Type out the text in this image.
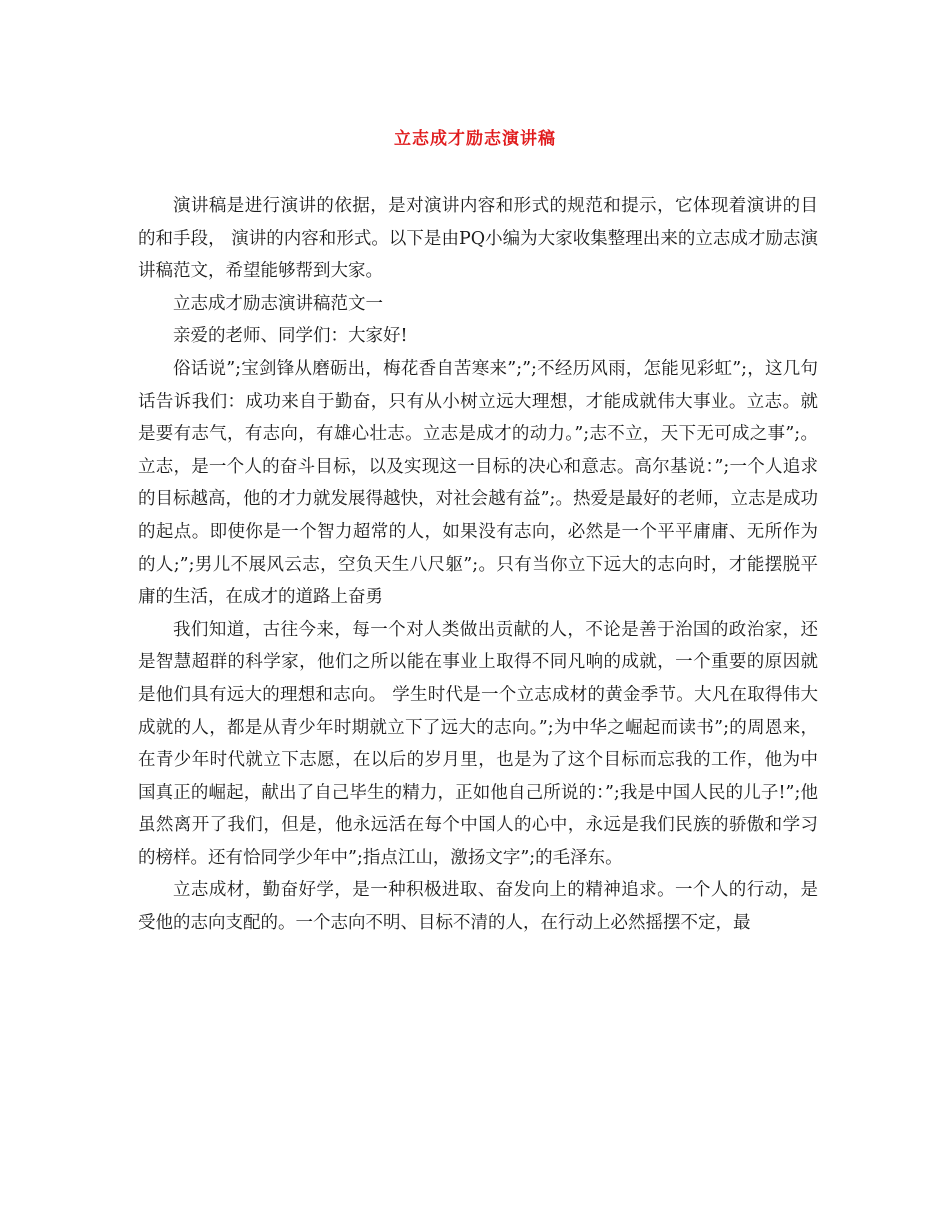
立志成才励志演讲稿

演讲稿是进行演讲的依据，是对演讲内容和形式的规范和提示，它体现着演讲的目的和手段， 演讲的内容和形式。以下是由PQ小编为大家收集整理出来的立志成才励志演讲稿范文，希望能够帮到大家。

立志成才励志演讲稿范文一

亲爱的老师、同学们：大家好!

俗话说”;宝剑锋从磨砺出，梅花香自苦寒来”;”;不经历风雨，怎能见彩虹”;，这几句话告诉我们：成功来自于勤奋，只有从小树立远大理想，才能成就伟大事业。立志。就是要有志气，有志向，有雄心壮志。立志是成才的动力。”;志不立，天下无可成之事”;。立志，是一个人的奋斗目标，以及实现这一目标的决心和意志。高尔基说：”;一个人追求的目标越高，他的才力就发展得越快，对社会越有益”;。热爱是最好的老师，立志是成功的起点。即使你是一个智力超常的人，如果没有志向，必然是一个平平庸庸、无所作为的人;”;男儿不展风云志，空负天生八尺躯”;。只有当你立下远大的志向时，才能摆脱平庸的生活，在成才的道路上奋勇

我们知道，古往今来，每一个对人类做出贡献的人，不论是善于治国的政治家，还是智慧超群的科学家，他们之所以能在事业上取得不同凡响的成就，一个重要的原因就是他们具有远大的理想和志向。 学生时代是一个立志成材的黄金季节。大凡在取得伟大成就的人，都是从青少年时期就立下了远大的志向。”;为中华之崛起而读书”;的周恩来，在青少年时代就立下志愿，在以后的岁月里，也是为了这个目标而忘我的工作，他为中国真正的崛起，献出了自己毕生的精力，正如他自己所说的：”;我是中国人民的儿子!”;他虽然离开了我们，但是，他永远活在每个中国人的心中，永远是我们民族的骄傲和学习的榜样。还有恰同学少年中”;指点江山，激扬文字”;的毛泽东。

立志成材，勤奋好学，是一种积极进取、奋发向上的精神追求。一个人的行动，是受他的志向支配的。一个志向不明、目标不清的人，在行动上必然摇摆不定，最
